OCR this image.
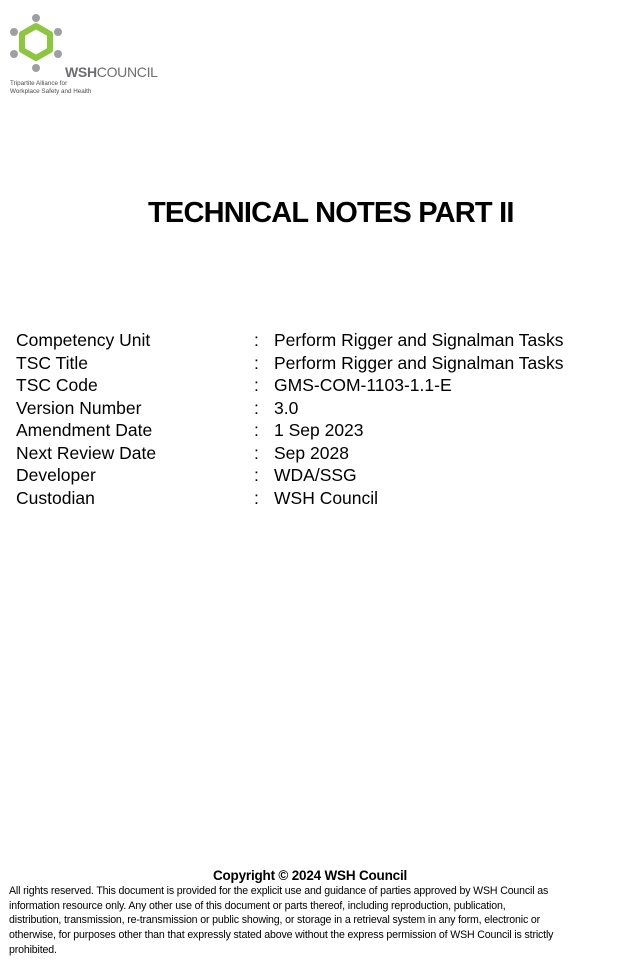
WSHCOUNCIL
Tripartite Alliance for
Workplace Safety and Health
TECHNICAL NOTES PART II
Competency Unit	: Perform Rigger and Signalman Tasks
TSC Title	: Perform Rigger and Signalman Tasks
TSC Code	: GMS-COM-1103-1.1-E
Version Number	: 3.0
Amendment Date	: 1 Sep 2023
Next Review Date	: Sep 2028
Developer	: WDA/SSG
Custodian	: WSH Council
Copyright © 2024 WSH Council
All rights reserved. This document is provided for the explicit use and guidance of parties approved by WSH Council as
information resource only. Any other use of this document or parts thereof, including reproduction, publication,
distribution, transmission, re-transmission or public showing, or storage in a retrieval system in any form, electronic or
otherwise, for purposes other than that expressly stated above without the express permission of WSH Council is strictly
prohibited.
